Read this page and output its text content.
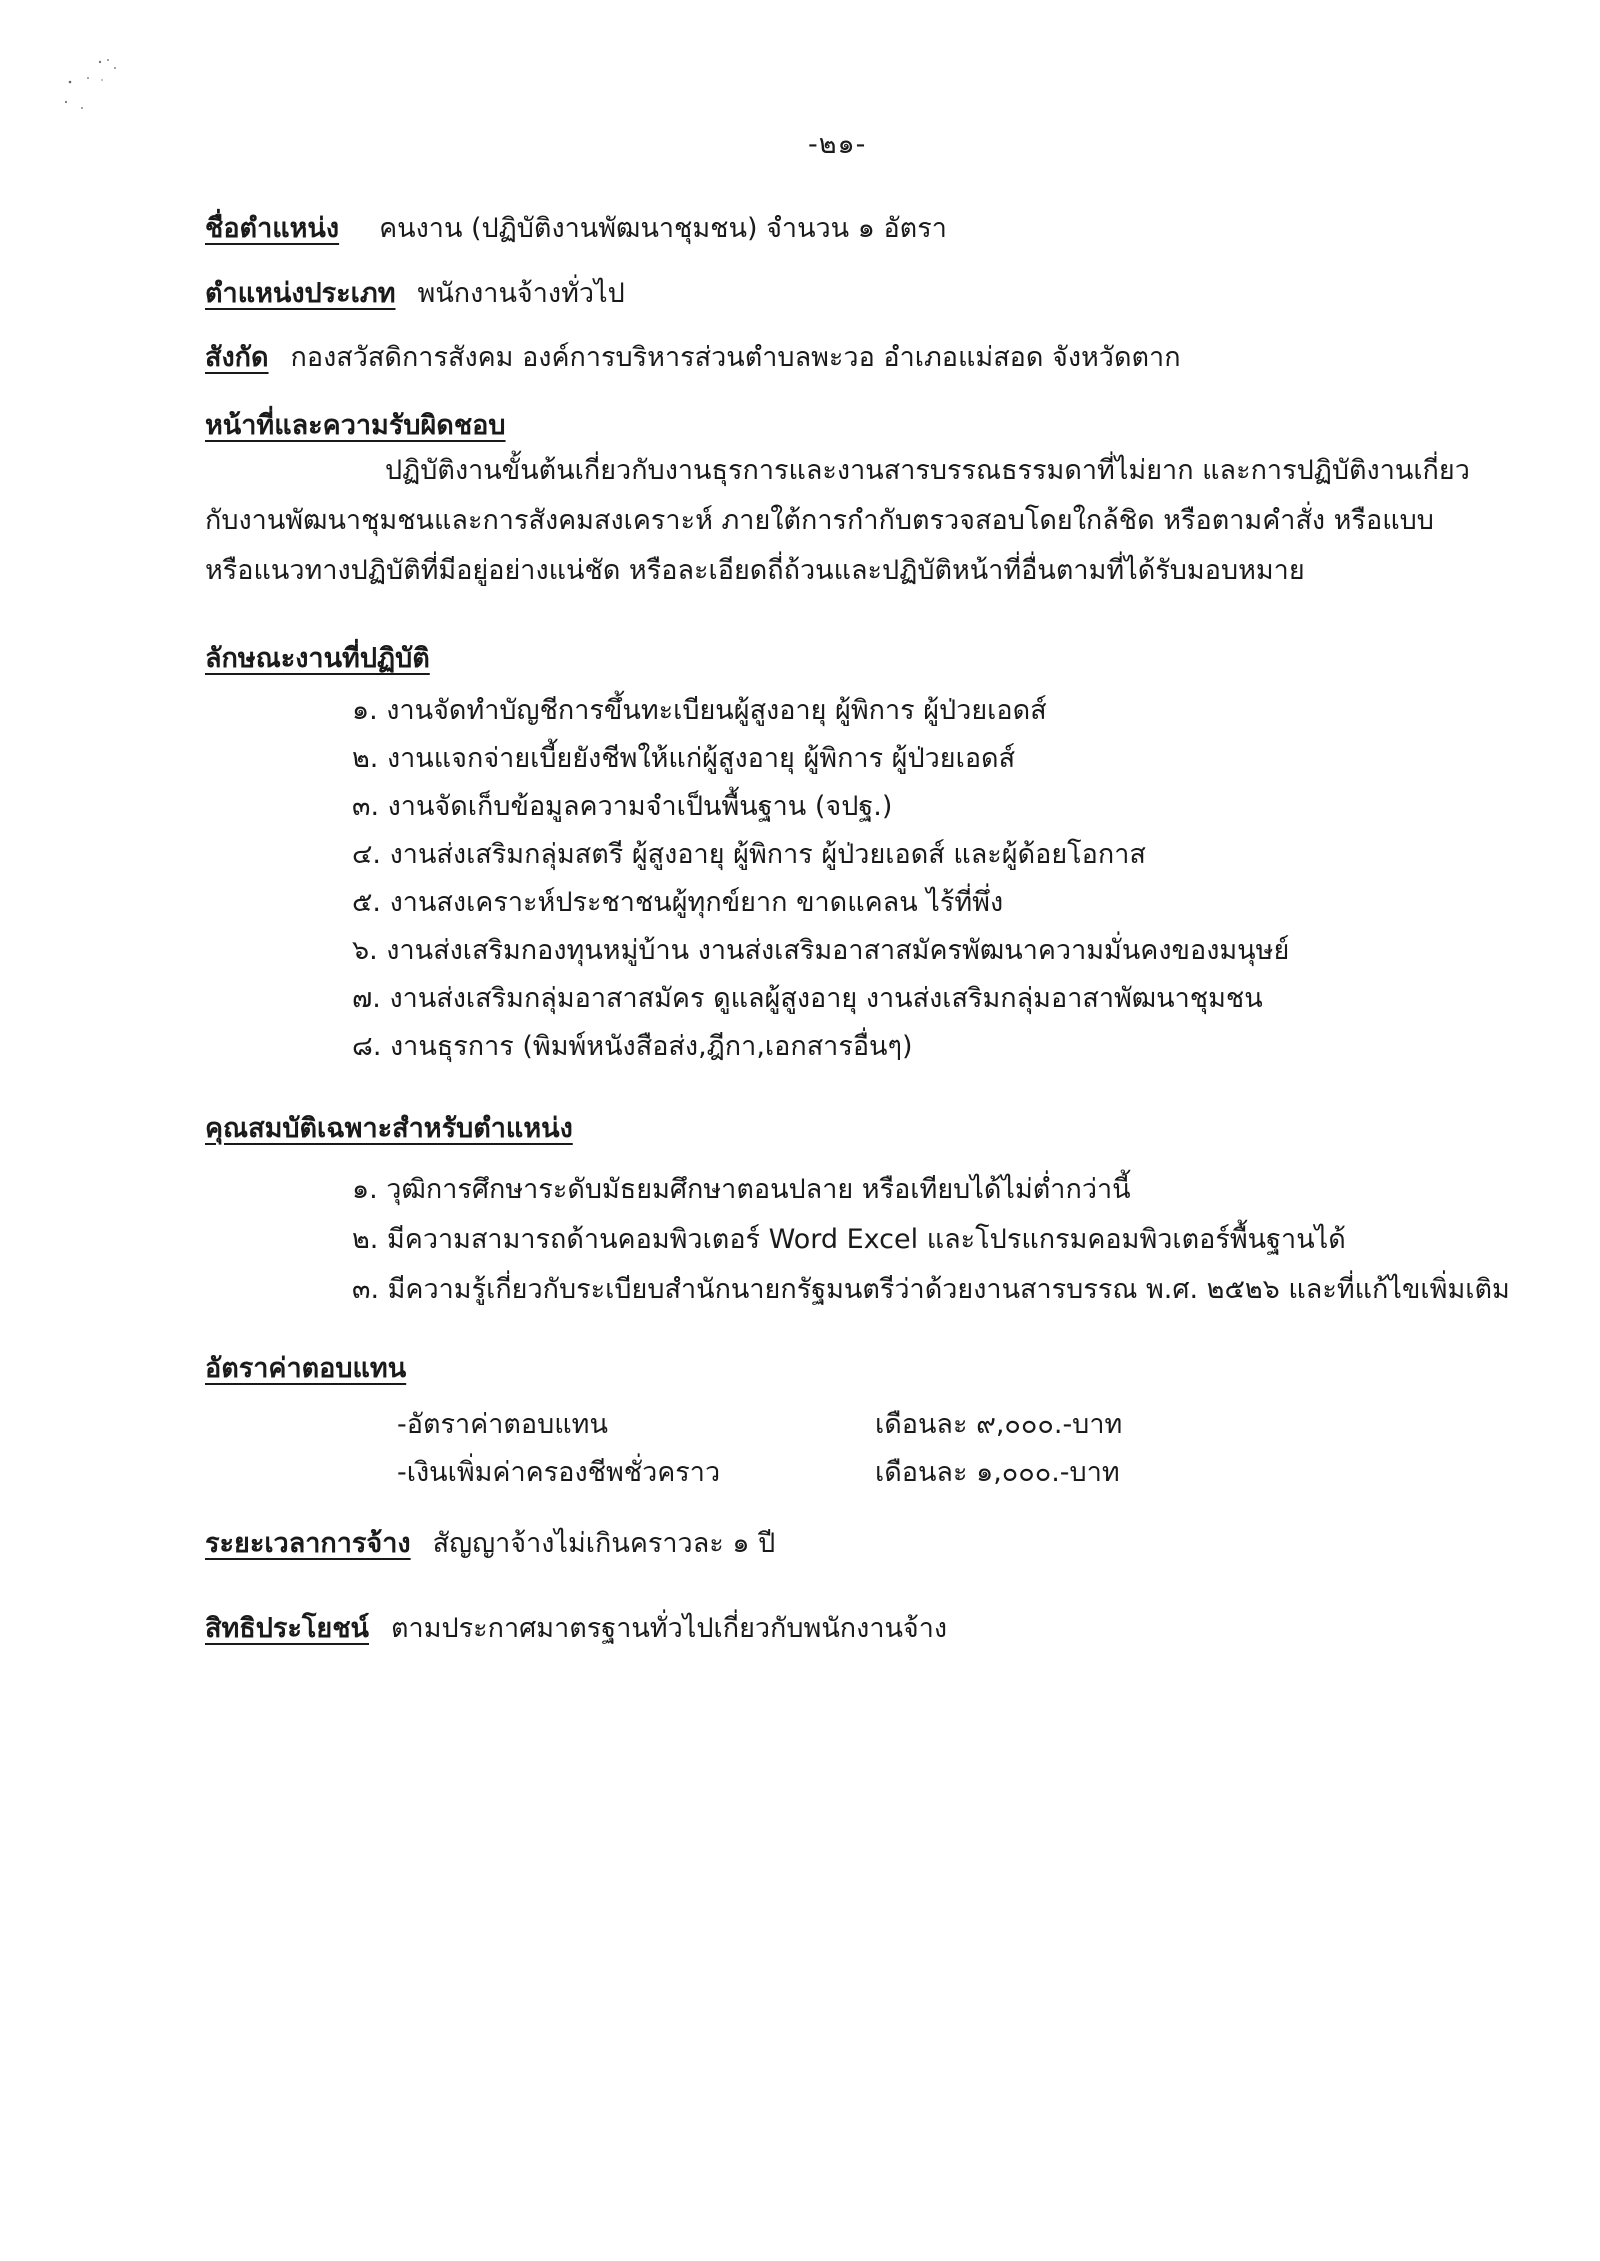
-๒๑-
ชื่อตำแหน่ง คนงาน (ปฏิบัติงานพัฒนาชุมชน) จำนวน ๑ อัตรา
ตำแหน่งประเภท พนักงานจ้างทั่วไป
สังกัด กองสวัสดิการสังคม องค์การบริหารส่วนตำบลพะวอ อำเภอแม่สอด จังหวัดตาก
หน้าที่และความรับผิดชอบ
ปฏิบัติงานขั้นต้นเกี่ยวกับงานธุรการและงานสารบรรณธรรมดาที่ไม่ยาก และการปฏิบัติงานเกี่ยวกับงานพัฒนาชุมชนและการสังคมสงเคราะห์ ภายใต้การกำกับตรวจสอบโดยใกล้ชิด หรือตามคำสั่ง หรือแบบหรือแนวทางปฏิบัติที่มีอยู่อย่างแน่ชัด หรือละเอียดถี่ถ้วนและปฏิบัติหน้าที่อื่นตามที่ได้รับมอบหมาย
ลักษณะงานที่ปฏิบัติ
๑. งานจัดทำบัญชีการขึ้นทะเบียนผู้สูงอายุ ผู้พิการ ผู้ป่วยเอดส์
๒. งานแจกจ่ายเบี้ยยังชีพให้แก่ผู้สูงอายุ ผู้พิการ ผู้ป่วยเอดส์
๓. งานจัดเก็บข้อมูลความจำเป็นพื้นฐาน (จปฐ.)
๔. งานส่งเสริมกลุ่มสตรี ผู้สูงอายุ ผู้พิการ ผู้ป่วยเอดส์ และผู้ด้อยโอกาส
๕. งานสงเคราะห์ประชาชนผู้ทุกข์ยาก ขาดแคลน ไร้ที่พึ่ง
๖. งานส่งเสริมกองทุนหมู่บ้าน งานส่งเสริมอาสาสมัครพัฒนาความมั่นคงของมนุษย์
๗. งานส่งเสริมกลุ่มอาสาสมัคร ดูแลผู้สูงอายุ งานส่งเสริมกลุ่มอาสาพัฒนาชุมชน
๘. งานธุรการ (พิมพ์หนังสือส่ง,ฎีกา,เอกสารอื่นๆ)
คุณสมบัติเฉพาะสำหรับตำแหน่ง
๑. วุฒิการศึกษาระดับมัธยมศึกษาตอนปลาย หรือเทียบได้ไม่ต่ำกว่านี้
๒. มีความสามารถด้านคอมพิวเตอร์ Word Excel และโปรแกรมคอมพิวเตอร์พื้นฐานได้
๓. มีความรู้เกี่ยวกับระเบียบสำนักนายกรัฐมนตรีว่าด้วยงานสารบรรณ พ.ศ. ๒๕๒๖ และที่แก้ไขเพิ่มเติม
อัตราค่าตอบแทน
-อัตราค่าตอบแทน	เดือนละ ๙,๐๐๐.-บาท
-เงินเพิ่มค่าครองชีพชั่วคราว	เดือนละ ๑,๐๐๐.-บาท
ระยะเวลาการจ้าง สัญญาจ้างไม่เกินคราวละ ๑ ปี
สิทธิประโยชน์ ตามประกาศมาตรฐานทั่วไปเกี่ยวกับพนักงานจ้าง
